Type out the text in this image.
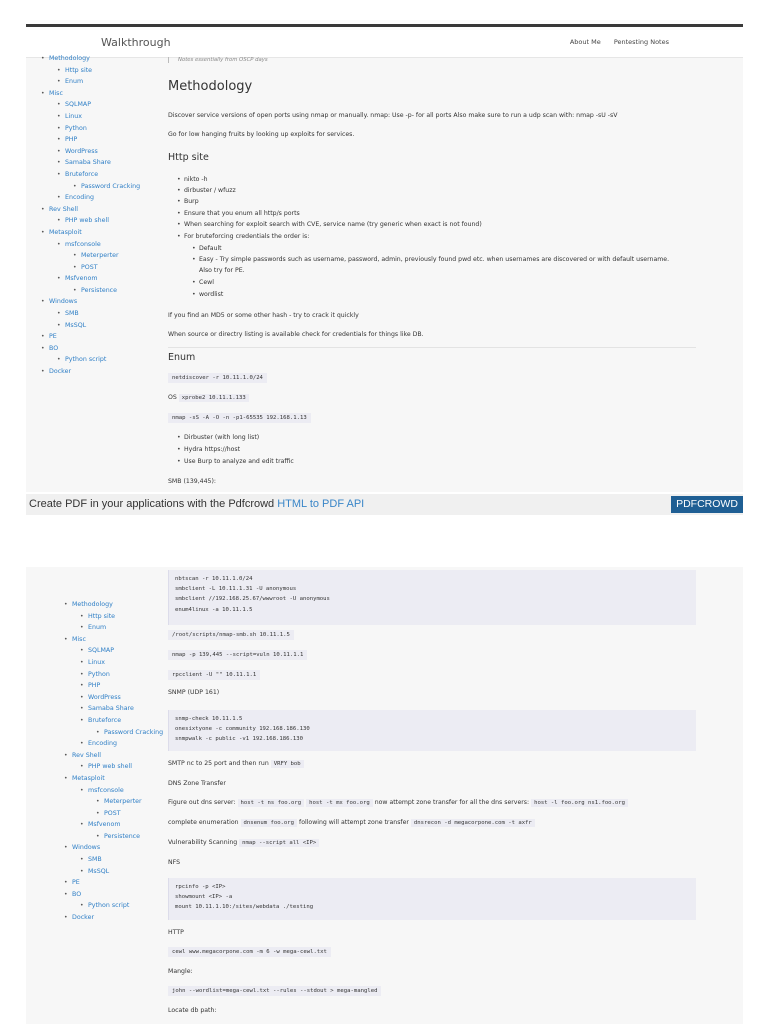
Walkthrough	About Me Pentesting Notes
• Methodology
• Http site
• Enum
• Misc
• SQLMAP
• Linux
• Python
• PHP
• WordPress
• Samaba Share
• Bruteforce
• Password Cracking
• Encoding
• Rev Shell
• PHP web shell
• Metasploit
• msfconsole
• Meterperter
• POST
• Msfvenom
• Persistence
• Windows
• SMB
• MsSQL
• PE
• BO
• Python script
• Docker
Notes essentially from OSCP days
Methodology

Discover service versions of open ports using nmap or manually. nmap: Use -p- for all ports Also make sure to run a udp scan with: nmap -sU -sV

Go for low hanging fruits by looking up exploits for services.

Http site
• nikto -h
• dirbuster / wfuzz
• Burp
• Ensure that you enum all http/s ports
• When searching for exploit search with CVE, service name (try generic when exact is not found)
• For bruteforcing credentials the order is:
• Default
• Easy - Try simple passwords such as username, password, admin, previously found pwd etc. when usernames are discovered or with default username.
Also try for PE.
• Cewl
• wordlist

If you find an MD5 or some other hash - try to crack it quickly

When source or directry listing is available check for credentials for things like DB.

Enum
netdiscover -r 10.11.1.0/24

OS xprobe2 10.11.1.133

nmap -sS -A -O -n -p1-65535 192.168.1.13
• Dirbuster (with long list)
• Hydra https://host
• Use Burp to analyze and edit traffic

SMB (139,445):

Create PDF in your applications with the Pdfcrowd HTML to PDF API	PDFCROWD
• Methodology
• Http site
• Enum
• Misc
• SQLMAP
• Linux
• Python
• PHP
• WordPress
• Samaba Share
• Bruteforce
• Password Cracking
• Encoding
• Rev Shell
• PHP web shell
• Metasploit
• msfconsole
• Meterperter
• POST
• Msfvenom
• Persistence
• Windows
• SMB
• MsSQL
• PE
• BO
• Python script
• Docker
nbtscan -r 10.11.1.0/24
smbclient -L 10.11.1.31 -U anonymous
smbclient //192.168.25.67/wwwroot -U anonymous
enum4linux -a 10.11.1.5
/root/scripts/nmap-smb.sh 10.11.1.5
nmap -p 139,445 --script=vuln 10.11.1.1
rpcclient -U "" 10.11.1.1

SNMP (UDP 161)

snmp-check 10.11.1.5
onesixtyone -c community 192.168.186.130
snmpwalk -c public -v1 192.168.186.130

SMTP nc to 25 port and then run VRFY bob

DNS Zone Transfer

Figure out dns server: host -t ns foo.org host -t mx foo.org now attempt zone transfer for all the dns servers: host -l foo.org ns1.foo.org

complete enumeration dnsenum foo.org following will attempt zone transfer dnsrecon -d megacorpone.com -t axfr

Vulnerability Scanning nmap --script all <IP>

NFS

rpcinfo -p <IP>
showmount <IP> -a
mount 10.11.1.10:/sites/webdata ./testing

HTTP

cewl www.megacorpone.com -m 6 -w mega-cewl.txt

Mangle:

john --wordlist=mega-cewl.txt --rules --stdout > mega-mangled

Locate db path:
